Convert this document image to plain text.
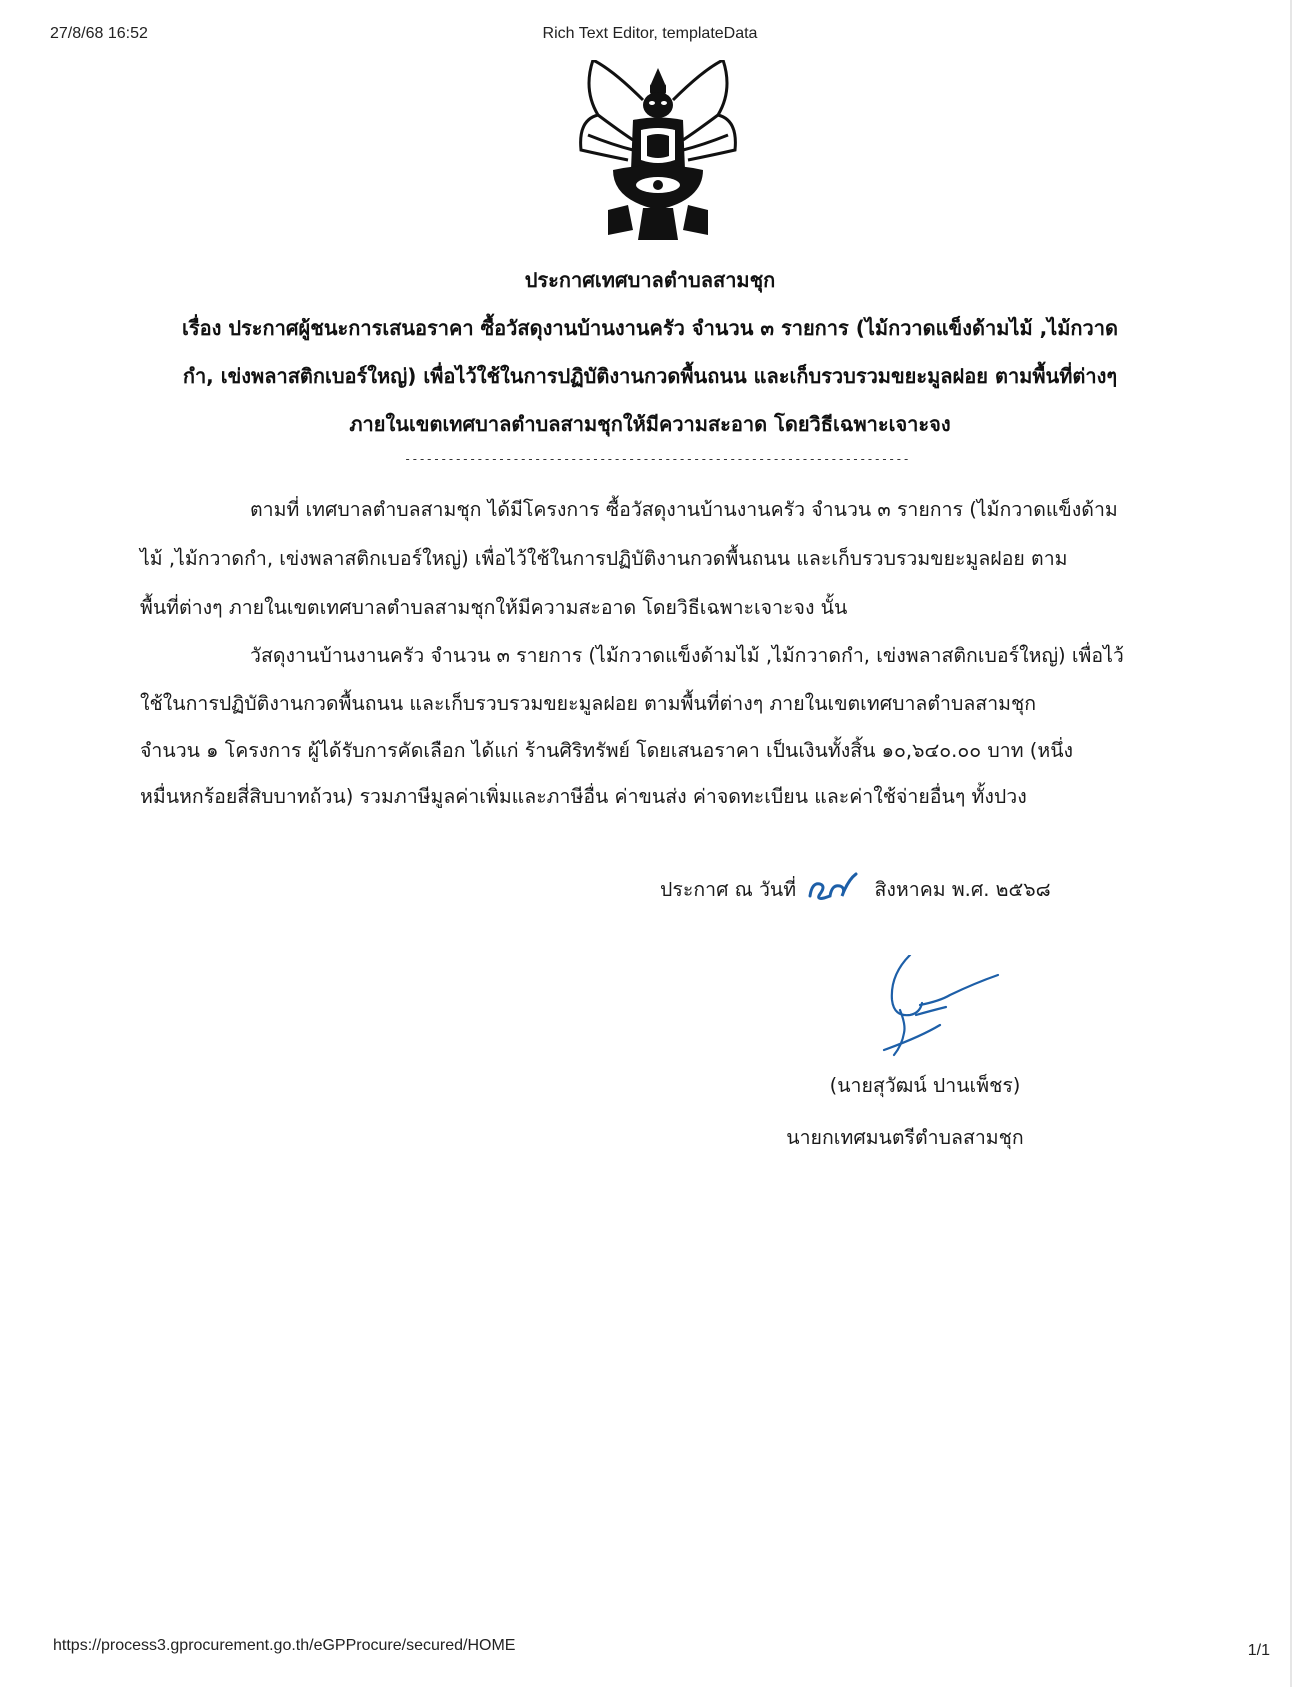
27/8/68 16:52	Rich Text Editor, templateData
ประกาศเทศบาลตำบลสามชุก
เรื่อง ประกาศผู้ชนะการเสนอราคา ซื้อวัสดุงานบ้านงานครัว จำนวน ๓ รายการ (ไม้กวาดแข็งด้ามไม้ ,ไม้กวาด
กำ, เข่งพลาสติกเบอร์ใหญ่) เพื่อไว้ใช้ในการปฏิบัติงานกวดพื้นถนน และเก็บรวบรวมขยะมูลฝอย ตามพื้นที่ต่างๆ
ภายในเขตเทศบาลตำบลสามชุกให้มีความสะอาด โดยวิธีเฉพาะเจาะจง
----------------------------------------------------------------------
ตามที่ เทศบาลตำบลสามชุก ได้มีโครงการ ซื้อวัสดุงานบ้านงานครัว จำนวน ๓ รายการ (ไม้กวาดแข็งด้าม
ไม้ ,ไม้กวาดกำ, เข่งพลาสติกเบอร์ใหญ่) เพื่อไว้ใช้ในการปฏิบัติงานกวดพื้นถนน และเก็บรวบรวมขยะมูลฝอย ตาม
พื้นที่ต่างๆ ภายในเขตเทศบาลตำบลสามชุกให้มีความสะอาด โดยวิธีเฉพาะเจาะจง นั้น
วัสดุงานบ้านงานครัว จำนวน ๓ รายการ (ไม้กวาดแข็งด้ามไม้ ,ไม้กวาดกำ, เข่งพลาสติกเบอร์ใหญ่) เพื่อไว้
ใช้ในการปฏิบัติงานกวดพื้นถนน และเก็บรวบรวมขยะมูลฝอย ตามพื้นที่ต่างๆ ภายในเขตเทศบาลตำบลสามชุก
จำนวน ๑ โครงการ ผู้ได้รับการคัดเลือก ได้แก่ ร้านศิริทรัพย์ โดยเสนอราคา เป็นเงินทั้งสิ้น ๑๐,๖๔๐.๐๐ บาท (หนึ่ง
หมื่นหกร้อยสี่สิบบาทถ้วน) รวมภาษีมูลค่าเพิ่มและภาษีอื่น ค่าขนส่ง ค่าจดทะเบียน และค่าใช้จ่ายอื่นๆ ทั้งปวง
ประกาศ ณ วันที่	สิงหาคม พ.ศ. ๒๕๖๘
(นายสุวัฒน์ ปานเพ็ชร)
นายกเทศมนตรีตำบลสามชุก
https://process3.gprocurement.go.th/eGPProcure/secured/HOME	1/1
